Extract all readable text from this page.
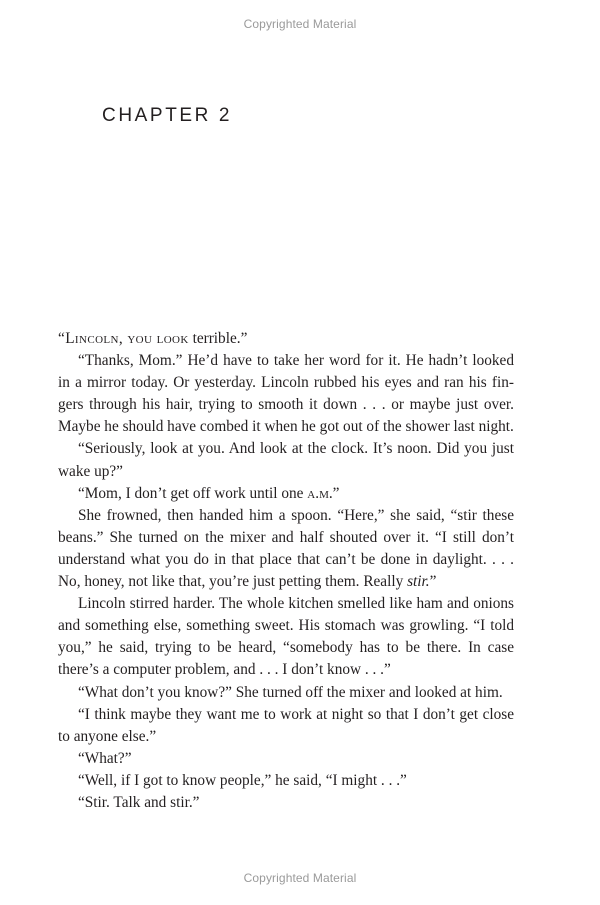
Copyrighted Material
CHAPTER 2

“Lincoln, you look terrible.”

“Thanks, Mom.” He’d have to take her word for it. He hadn’t looked in a mirror today. Or yesterday. Lincoln rubbed his eyes and ran his fingers through his hair, trying to smooth it down . . . or maybe just over. Maybe he should have combed it when he got out of the shower last night.

“Seriously, look at you. And look at the clock. It’s noon. Did you just wake up?”

“Mom, I don’t get off work until one a.m.”

She frowned, then handed him a spoon. “Here,” she said, “stir these beans.” She turned on the mixer and half shouted over it. “I still don’t understand what you do in that place that can’t be done in daylight. . . . No, honey, not like that, you’re just petting them. Really stir.”

Lincoln stirred harder. The whole kitchen smelled like ham and onions and something else, something sweet. His stomach was growling. “I told you,” he said, trying to be heard, “somebody has to be there. In case there’s a computer problem, and . . . I don’t know . . .”

“What don’t you know?” She turned off the mixer and looked at him.

“I think maybe they want me to work at night so that I don’t get close to anyone else.”

“What?”

“Well, if I got to know people,” he said, “I might . . .”

“Stir. Talk and stir.”

Copyrighted Material
